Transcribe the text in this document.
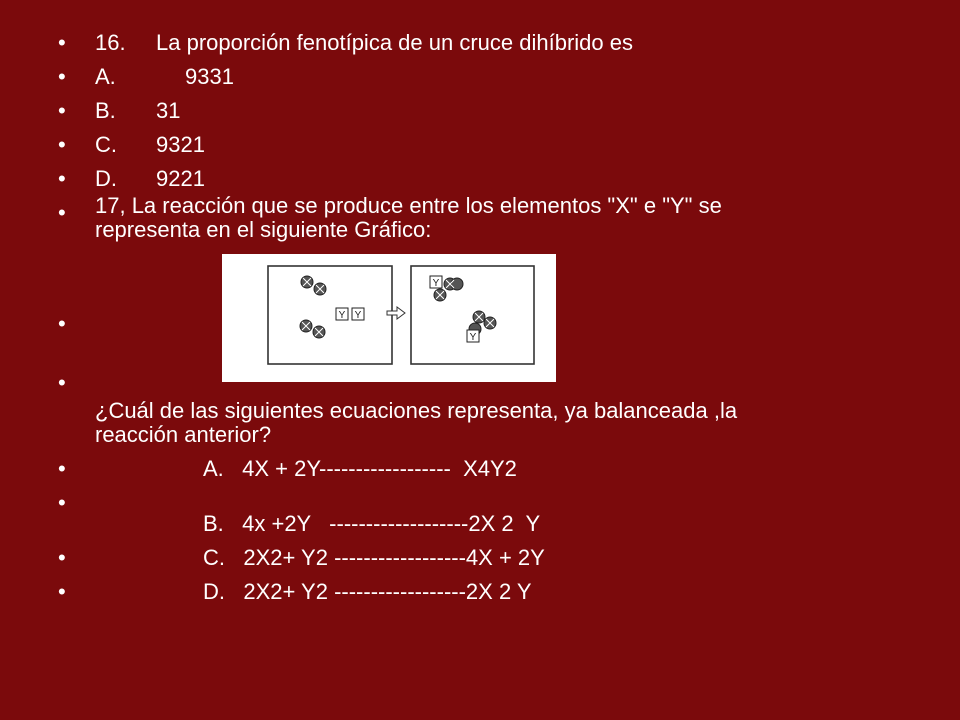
•
•
•
•
•
•
•
•
•
•
•
•
16. La proporción fenotípica de un cruce dihíbrido es
A.	9331
B. 31
C. 9321
D. 9221
17, La reacción que se produce entre los elementos "X" e "Y" se
representa en el siguiente Gráfico:
Y Y
Y
Y
¿Cuál de las siguientes ecuaciones representa, ya balanceada ,la
reacción anterior?
A.   4X + 2Y------------------  X4Y2
B.   4x +2Y   -------------------2X 2  Y
C.   2X2+ Y2 ------------------4X + 2Y
D.   2X2+ Y2 ------------------2X 2 Y
